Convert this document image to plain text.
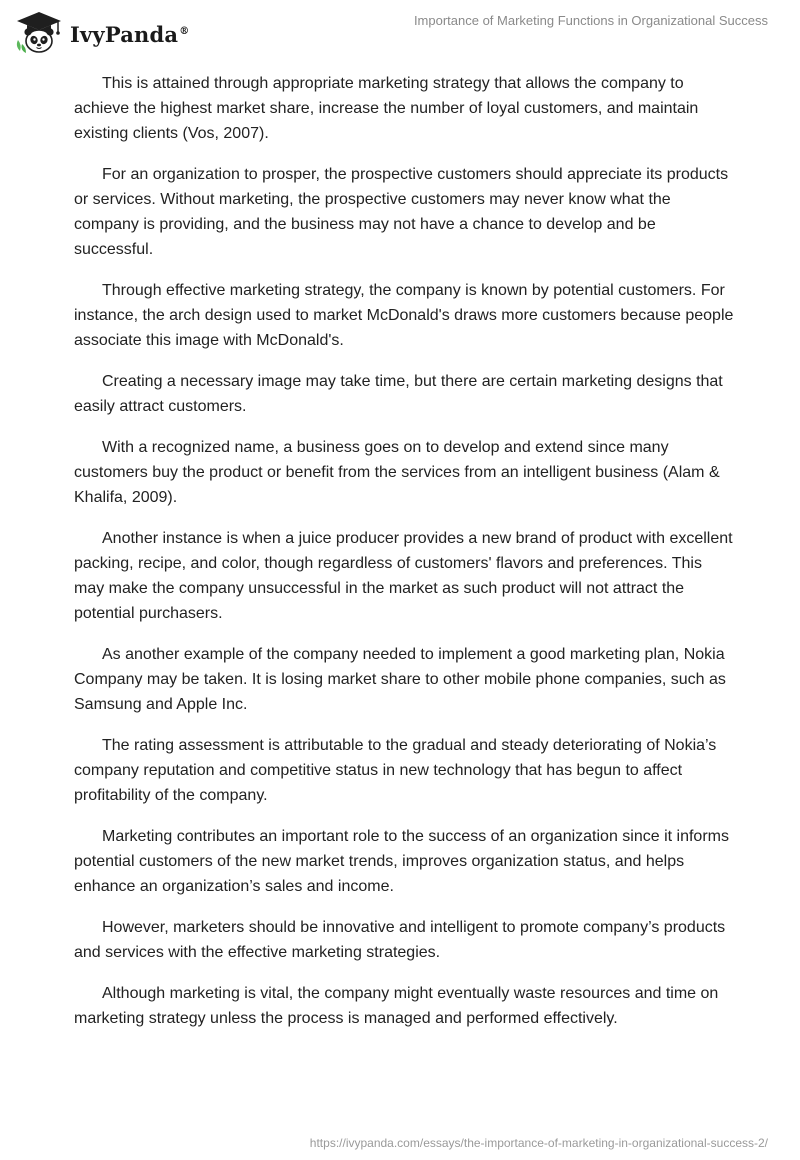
IvyPanda®
Importance of Marketing Functions in Organizational Success

This is attained through appropriate marketing strategy that allows the company to achieve the highest market share, increase the number of loyal customers, and maintain existing clients (Vos, 2007).

For an organization to prosper, the prospective customers should appreciate its products or services. Without marketing, the prospective customers may never know what the company is providing, and the business may not have a chance to develop and be successful.

Through effective marketing strategy, the company is known by potential customers. For instance, the arch design used to market McDonald's draws more customers because people associate this image with McDonald's.

Creating a necessary image may take time, but there are certain marketing designs that easily attract customers.

With a recognized name, a business goes on to develop and extend since many customers buy the product or benefit from the services from an intelligent business (Alam & Khalifa, 2009).

Another instance is when a juice producer provides a new brand of product with excellent packing, recipe, and color, though regardless of customers' flavors and preferences. This may make the company unsuccessful in the market as such product will not attract the potential purchasers.

As another example of the company needed to implement a good marketing plan, Nokia Company may be taken. It is losing market share to other mobile phone companies, such as Samsung and Apple Inc.

The rating assessment is attributable to the gradual and steady deteriorating of Nokia’s company reputation and competitive status in new technology that has begun to affect profitability of the company.

Marketing contributes an important role to the success of an organization since it informs potential customers of the new market trends, improves organization status, and helps enhance an organization’s sales and income.

However, marketers should be innovative and intelligent to promote company’s products and services with the effective marketing strategies.

Although marketing is vital, the company might eventually waste resources and time on marketing strategy unless the process is managed and performed effectively.

https://ivypanda.com/essays/the-importance-of-marketing-in-organizational-success-2/
